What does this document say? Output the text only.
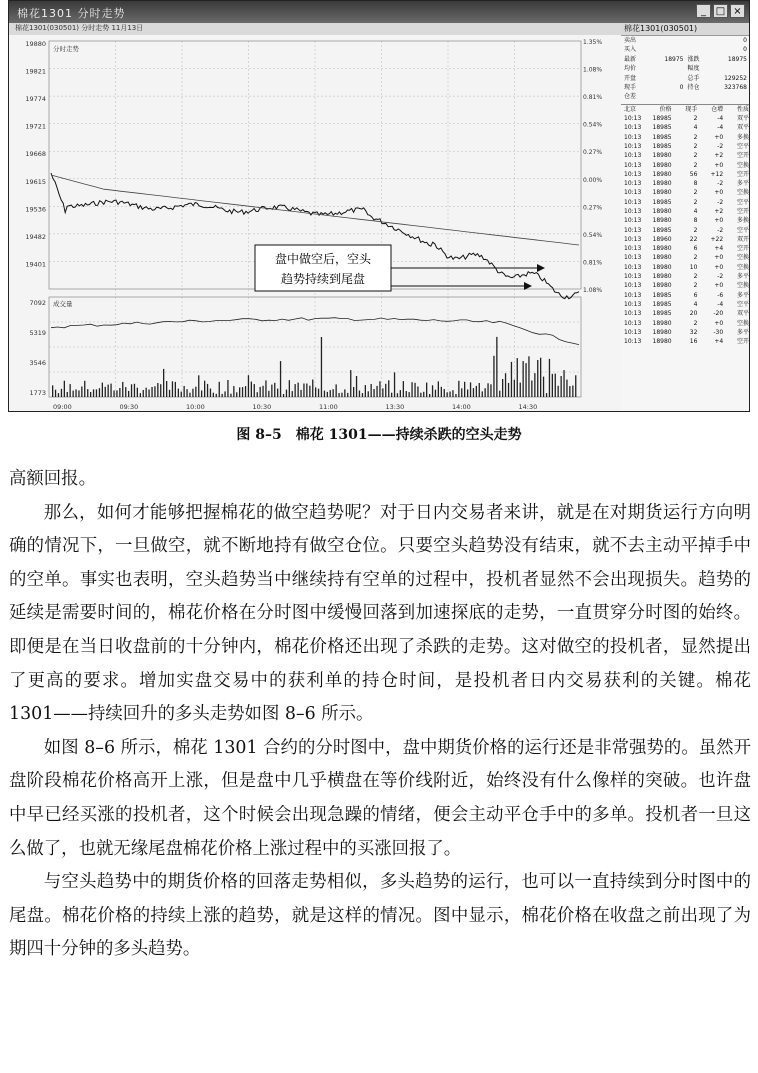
棉花1301 分时走势	_ □ ×
棉花1301(030501) 分时走势 11月13日
分时走势
成交量
19880
19821
19774
19721
19668
19615
19536
19482
19401
1.35%
1.08%
0.81%
0.54%
0.27%
0.00%
0.27%
0.54%
0.81%
1.08%
7092
5319
3546
1773
09:00	09:30	10:00	10:30	11:00	13:30	14:00	14:30
盘中做空后，空头
趋势持续到尾盘
棉花1301(030501)
卖出	0
买入	0
最新	18975 涨跌	18975
均价	幅度
开盘	总手	129252
现手	0 持仓	323768
仓差
北京	价格	现手	仓增	性质
10:13	18985	2	-4	双平
10:13	18985	4	-4	双平
10:13	18985	2	+0	多换
10:13	18985	2	-2	空平
10:13	18980	2	+2	空开
10:13	18980	2	+0	空换
10:13	18980	56	+12	空开
10:13	18980	8	-2	多平
10:13	18980	2	+0	空换
10:13	18985	2	-2	空平
10:13	18980	4	+2	空开
10:13	18980	8	+0	多换
10:13	18985	2	-2	空平
10:13	18960	22	+22	双开
10:13	18980	6	+4	空开
10:13	18980	2	+0	空换
10:13	18980	10	+0	空换
10:13	18980	2	-2	多平
10:13	18980	2	+0	空换
10:13	18985	6	-6	多平
10:13	18985	4	-4	空平
10:13	18985	20	-20	双平
10:13	18980	2	+0	空换
10:13	18980	32	-30	多平
10:13	18980	16	+4	空开
图 8–5　棉花 1301——持续杀跌的空头走势

高额回报。

那么，如何才能够把握棉花的做空趋势呢？对于日内交易者来讲，就是在对期货运行方向明确的情况下，一旦做空，就不断地持有做空仓位。只要空头趋势没有结束，就不去主动平掉手中的空单。事实也表明，空头趋势当中继续持有空单的过程中，投机者显然不会出现损失。趋势的延续是需要时间的，棉花价格在分时图中缓慢回落到加速探底的走势，一直贯穿分时图的始终。即便是在当日收盘前的十分钟内，棉花价格还出现了杀跌的走势。这对做空的投机者，显然提出了更高的要求。增加实盘交易中的获利单的持仓时间，是投机者日内交易获利的关键。棉花 1301——持续回升的多头走势如图 8–6 所示。

如图 8–6 所示，棉花 1301 合约的分时图中，盘中期货价格的运行还是非常强势的。虽然开盘阶段棉花价格高开上涨，但是盘中几乎横盘在等价线附近，始终没有什么像样的突破。也许盘中早已经买涨的投机者，这个时候会出现急躁的情绪，便会主动平仓手中的多单。投机者一旦这么做了，也就无缘尾盘棉花价格上涨过程中的买涨回报了。

与空头趋势中的期货价格的回落走势相似，多头趋势的运行，也可以一直持续到分时图中的尾盘。棉花价格的持续上涨的趋势，就是这样的情况。图中显示，棉花价格在收盘之前出现了为期四十分钟的多头趋势。
